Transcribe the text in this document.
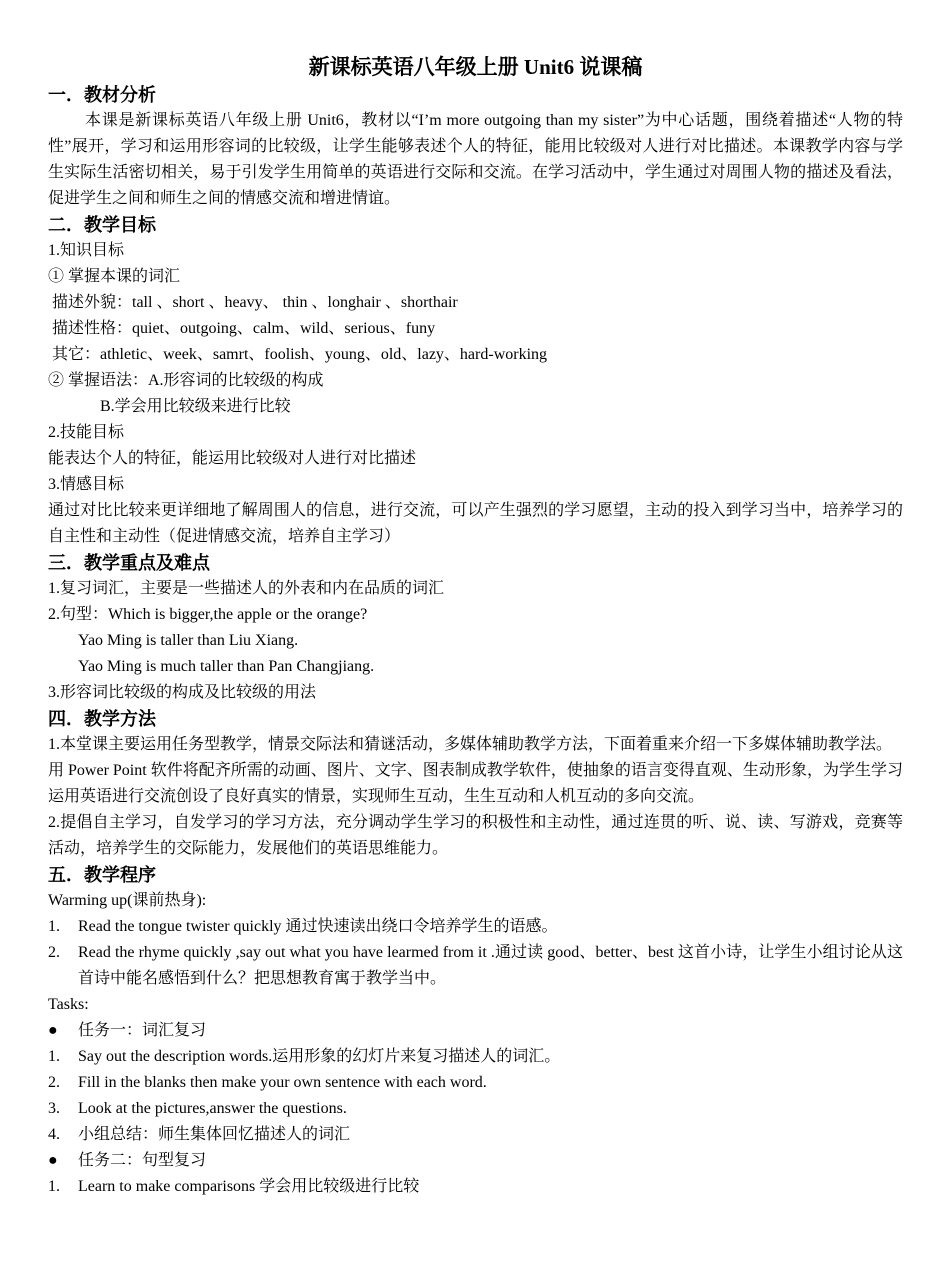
新课标英语八年级上册 Unit6 说课稿
一．教材分析
本课是新课标英语八年级上册 Unit6，教材以“I’m more outgoing than my sister”为中心话题，围绕着描述“人物的特性”展开，学习和运用形容词的比较级，让学生能够表述个人的特征，能用比较级对人进行对比描述。本课教学内容与学生实际生活密切相关，易于引发学生用简单的英语进行交际和交流。在学习活动中，学生通过对周围人物的描述及看法，促进学生之间和师生之间的情感交流和增进情谊。
二．教学目标
1.知识目标
① 掌握本课的词汇
描述外貌：tall 、short 、heavy、 thin 、longhair 、shorthair
描述性格：quiet、outgoing、calm、wild、serious、funy
其它：athletic、week、samrt、foolish、young、old、lazy、hard-working
② 掌握语法：A.形容词的比较级的构成
B.学会用比较级来进行比较
2.技能目标
能表达个人的特征，能运用比较级对人进行对比描述
3.情感目标
通过对比比较来更详细地了解周围人的信息，进行交流，可以产生强烈的学习愿望，主动的投入到学习当中，培养学习的自主性和主动性（促进情感交流，培养自主学习）
三．教学重点及难点
1.复习词汇，主要是一些描述人的外表和内在品质的词汇
2.句型：Which is bigger,the apple or the orange?
Yao Ming is taller than Liu Xiang.
Yao Ming is much taller than Pan Changjiang.
3.形容词比较级的构成及比较级的用法
四．教学方法
1.本堂课主要运用任务型教学，情景交际法和猜谜活动，多媒体辅助教学方法，下面着重来介绍一下多媒体辅助教学法。
用 Power Point 软件将配齐所需的动画、图片、文字、图表制成教学软件，使抽象的语言变得直观、生动形象，为学生学习运用英语进行交流创设了良好真实的情景，实现师生互动，生生互动和人机互动的多向交流。
2.提倡自主学习，自发学习的学习方法，充分调动学生学习的积极性和主动性，通过连贯的听、说、读、写游戏，竞赛等活动，培养学生的交际能力，发展他们的英语思维能力。
五．教学程序
Warming up(课前热身):
1.	Read the tongue twister quickly 通过快速读出绕口令培养学生的语感。
2.	Read the rhyme quickly ,say out what you have learmed from it .通过读 good、better、best 这首小诗，让学生小组讨论从这首诗中能名感悟到什么？把思想教育寓于教学当中。
Tasks:
●	任务一：词汇复习
1.	Say out the description words.运用形象的幻灯片来复习描述人的词汇。
2.	Fill in the blanks then make your own sentence with each word.
3.	Look at the pictures,answer the questions.
4.	小组总结：师生集体回忆描述人的词汇
●	任务二：句型复习
1.	Learn to make comparisons 学会用比较级进行比较
